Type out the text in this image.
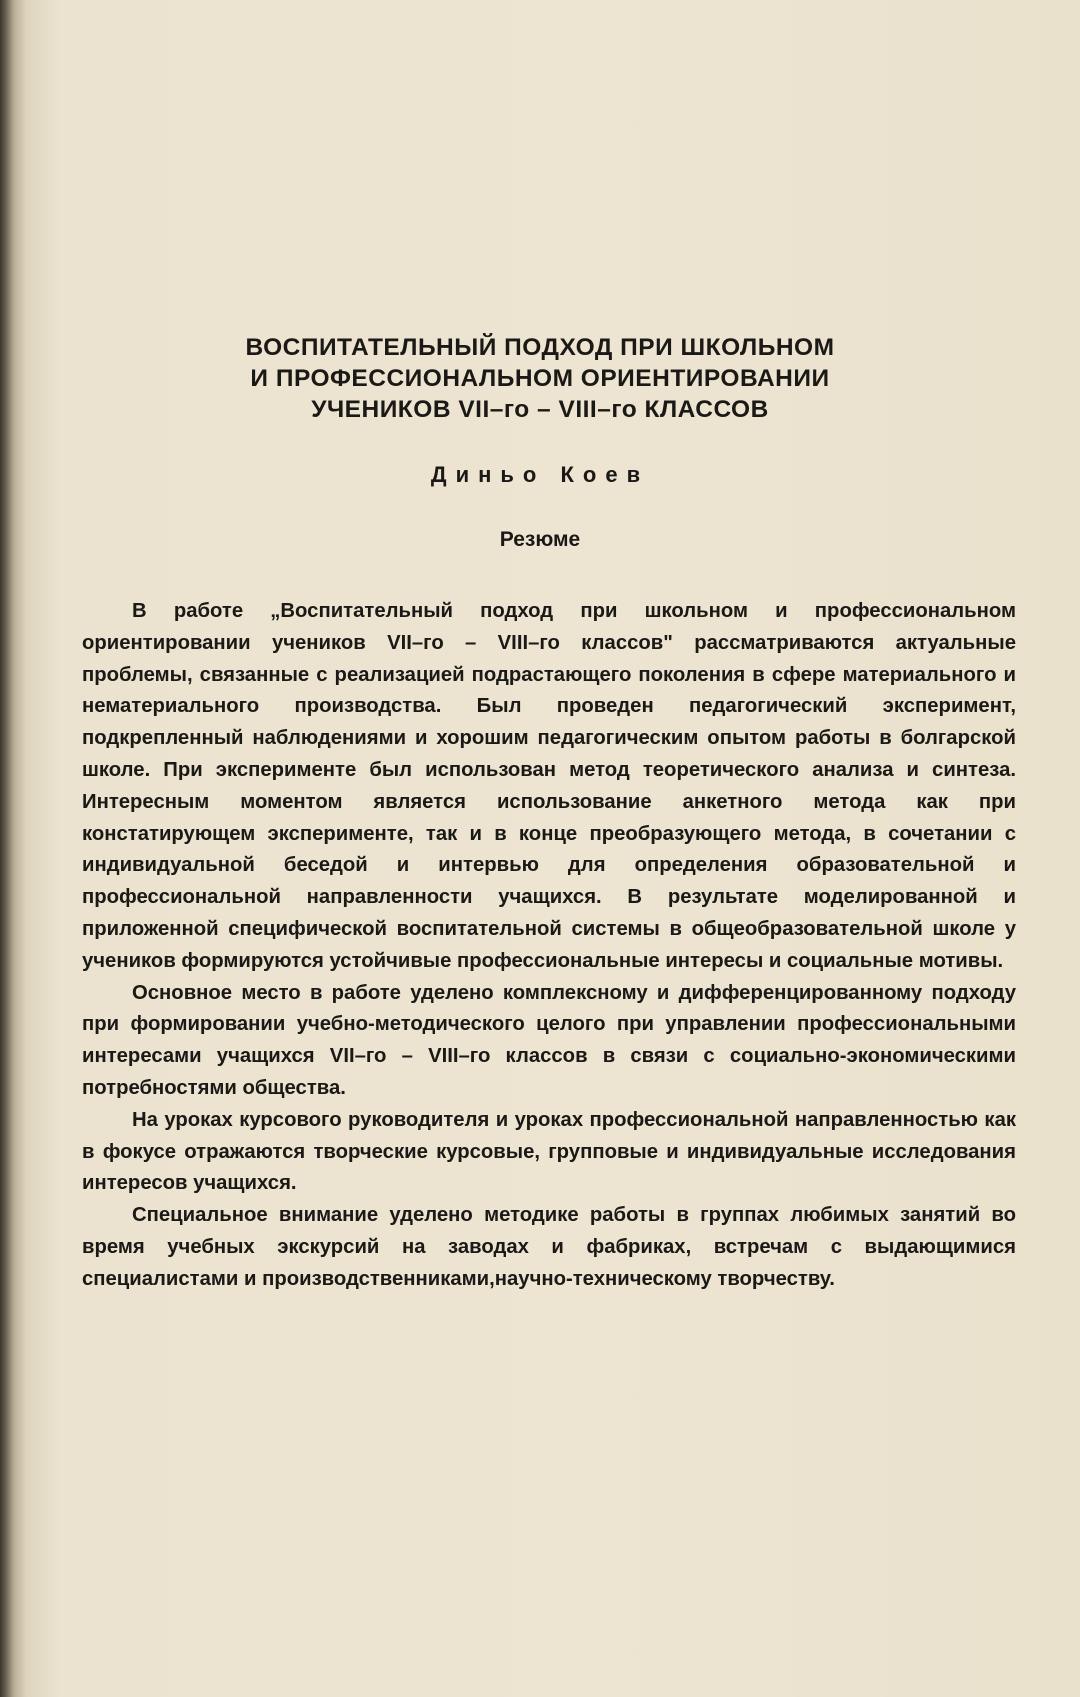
ВОСПИТАТЕЛЬНЫЙ ПОДХОД ПРИ ШКОЛЬНОМ
И ПРОФЕССИОНАЛЬНОМ ОРИЕНТИРОВАНИИ
УЧЕНИКОВ VII–го – VIII–го КЛАССОВ
Диньо Коев
Резюме

В работе „Воспитательный подход при школьном и профессиональном ориентировании учеников VII–го – VIII–го классов" рассматриваются актуальные проблемы, связанные с реализацией подрастающего поколения в сфере материального и нематериального производства. Был проведен педагогический эксперимент, подкрепленный наблюдениями и хорошим педагогическим опытом работы в болгарской школе. При эксперименте был использован метод теоретического анализа и синтеза. Интересным моментом является использование анкетного метода как при констатирующем эксперименте, так и в конце преобразующего метода, в сочетании с индивидуальной беседой и интервью для определения образовательной и профессиональной направленности учащихся. В результате моделированной и приложенной специфической воспитательной системы в общеобразовательной школе у учеников формируются устойчивые профессиональные интересы и социальные мотивы.

Основное место в работе уделено комплексному и дифференцированному подходу при формировании учебно-методического целого при управлении профессиональными интересами учащихся VII–го – VIII–го классов в связи с социально-экономическими потребностями общества.

На уроках курсового руководителя и уроках профессиональной направленностью как в фокусе отражаются творческие курсовые, групповые и индивидуальные исследования интересов учащихся.

Специальное внимание уделено методике работы в группах любимых занятий во время учебных экскурсий на заводах и фабриках, встречам с выдающимися специалистами и производственниками,научно-техническому творчеству.
